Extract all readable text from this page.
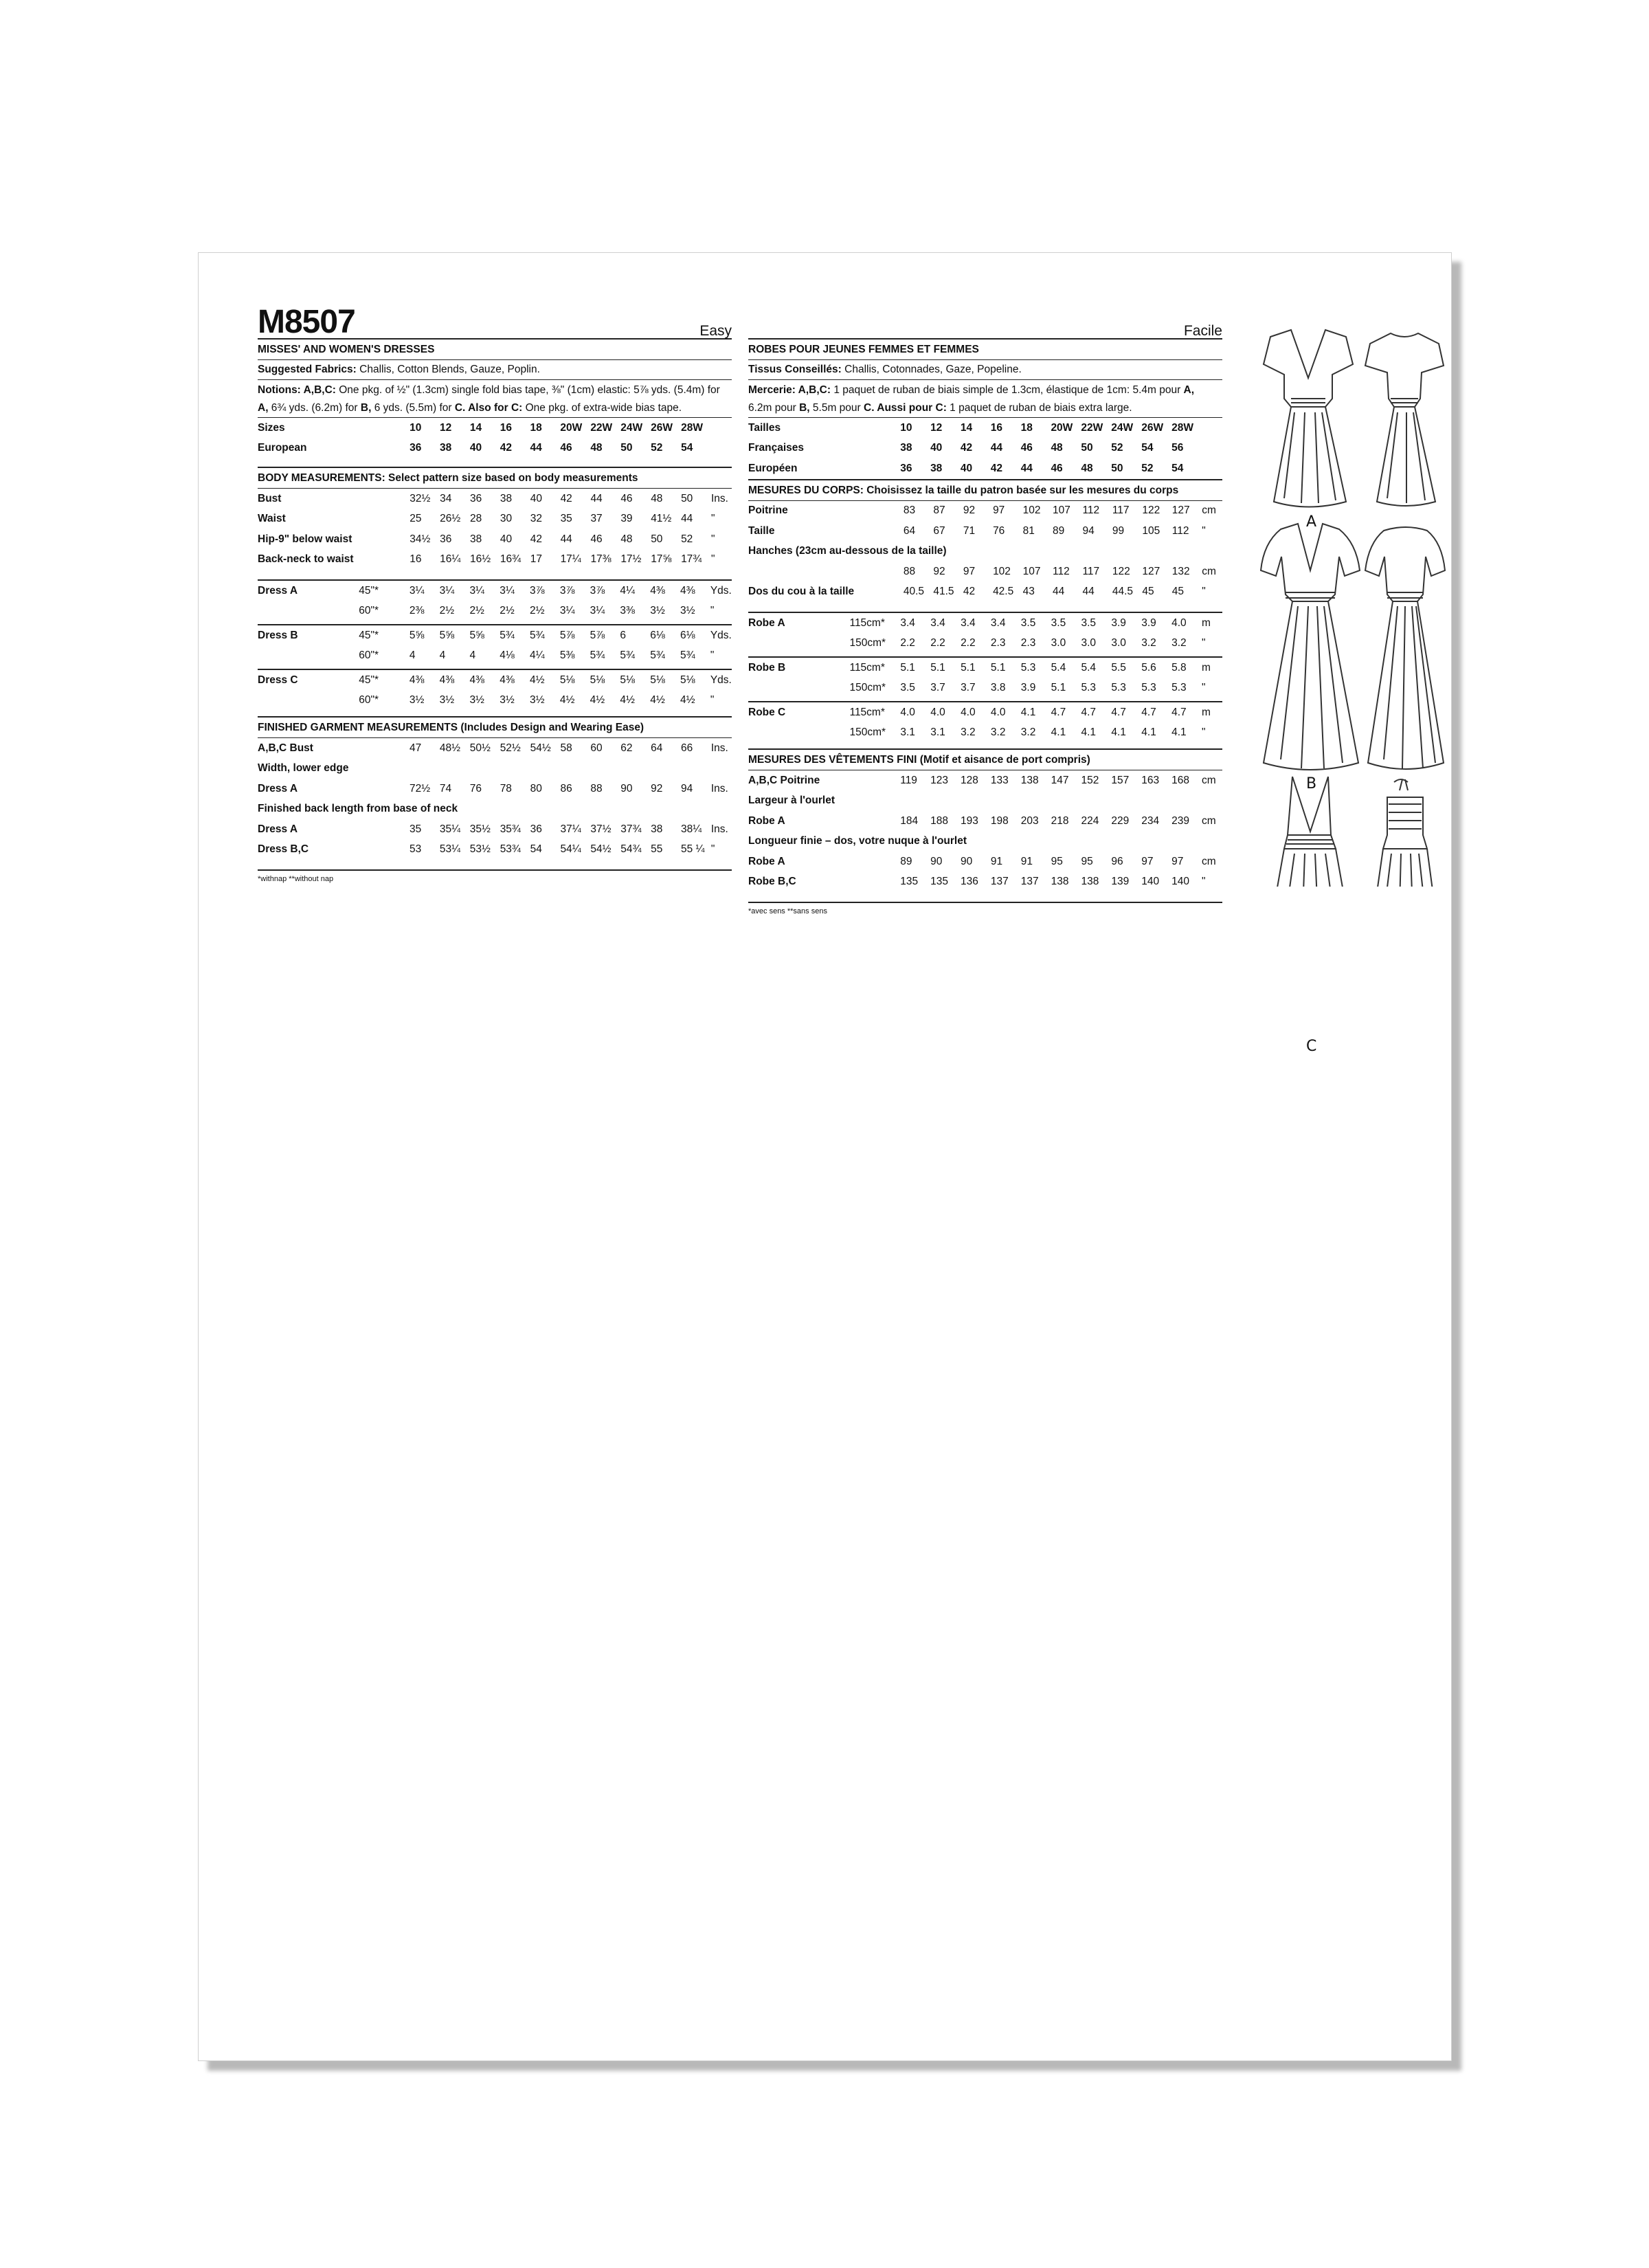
M8507	Easy
MISSES' AND WOMEN'S DRESSES
Suggested Fabrics: Challis, Cotton Blends, Gauze, Poplin.
Notions: A,B,C: One pkg. of ½" (1.3cm) single fold bias tape, ⅜" (1cm) elastic: 5⅞ yds. (5.4m) for
A, 6¾ yds. (6.2m) for B, 6 yds. (5.5m) for C. Also for C: One pkg. of extra-wide bias tape.
Sizes		10	12	14	16	18	20W	22W	24W	26W	28W	
European		36	38	40	42	44	46	48	50	52	54	
BODY MEASUREMENTS: Select pattern size based on body measurements
Bust		32½	34	36	38	40	42	44	46	48	50	Ins.
Waist		25	26½	28	30	32	35	37	39	41½	44	"
Hip-9" below waist		34½	36	38	40	42	44	46	48	50	52	"
Back-neck to waist		16	16¼	16½	16¾	17	17¼	17⅜	17½	17⅝	17¾	"
Dress A	45"*	3¼	3¼	3¼	3¼	3⅞	3⅞	3⅞	4¼	4⅜	4⅜	Yds.
	60"*	2⅜	2½	2½	2½	2½	3¼	3¼	3⅜	3½	3½	"
Dress B	45"*	5⅝	5⅝	5⅝	5¾	5¾	5⅞	5⅞	6	6⅛	6⅛	Yds.
	60"*	4	4	4	4⅛	4¼	5⅜	5¾	5¾	5¾	5¾	"
Dress C	45"*	4⅜	4⅜	4⅜	4⅜	4½	5⅛	5⅛	5⅛	5⅛	5⅛	Yds.
	60"*	3½	3½	3½	3½	3½	4½	4½	4½	4½	4½	"
FINISHED GARMENT MEASUREMENTS (Includes Design and Wearing Ease)
A,B,C Bust		47	48½	50½	52½	54½	58	60	62	64	66	Ins.
Width, lower edge												
Dress A		72½	74	76	78	80	86	88	90	92	94	Ins.
Finished back length from base of neck												
Dress A		35	35¼	35½	35¾	36	37¼	37½	37¾	38	38¼	Ins.
Dress B,C		53	53¼	53½	53¾	54	54¼	54½	54¾	55	55 ¼	"
*withnap **without nap
Facile
ROBES POUR JEUNES FEMMES ET FEMMES
Tissus Conseillés: Challis, Cotonnades, Gaze, Popeline.
Mercerie: A,B,C: 1 paquet de ruban de biais simple de 1.3cm, élastique de 1cm: 5.4m pour A,
6.2m pour B, 5.5m pour C. Aussi pour C: 1 paquet de ruban de biais extra large.
Tailles		10	12	14	16	18	20W	22W	24W	26W	28W	
Françaises		38	40	42	44	46	48	50	52	54	56	
Européen		36	38	40	42	44	46	48	50	52	54	
MESURES DU CORPS: Choisissez la taille du patron basée sur les mesures du corps
Poitrine		83	87	92	97	102	107	112	117	122	127	cm
Taille		64	67	71	76	81	89	94	99	105	112	"
Hanches (23cm au-dessous de la taille)												
		88	92	97	102	107	112	117	122	127	132	cm
Dos du cou à la taille		40.5	41.5	42	42.5	43	44	44	44.5	45	45	"
Robe A	115cm*	3.4	3.4	3.4	3.4	3.5	3.5	3.5	3.9	3.9	4.0	m
	150cm*	2.2	2.2	2.2	2.3	2.3	3.0	3.0	3.0	3.2	3.2	"
Robe B	115cm*	5.1	5.1	5.1	5.1	5.3	5.4	5.4	5.5	5.6	5.8	m
	150cm*	3.5	3.7	3.7	3.8	3.9	5.1	5.3	5.3	5.3	5.3	"
Robe C	115cm*	4.0	4.0	4.0	4.0	4.1	4.7	4.7	4.7	4.7	4.7	m
	150cm*	3.1	3.1	3.2	3.2	3.2	4.1	4.1	4.1	4.1	4.1	"
MESURES DES VÊTEMENTS FINI (Motif et aisance de port compris)
A,B,C Poitrine		119	123	128	133	138	147	152	157	163	168	cm
Largeur à l'ourlet												
Robe A		184	188	193	198	203	218	224	229	234	239	cm
Longueur finie – dos, votre nuque à l'ourlet												
Robe A		89	90	90	91	91	95	95	96	97	97	cm
Robe B,C		135	135	136	137	137	138	138	139	140	140	"
*avec sens **sans sens
A
B
C
